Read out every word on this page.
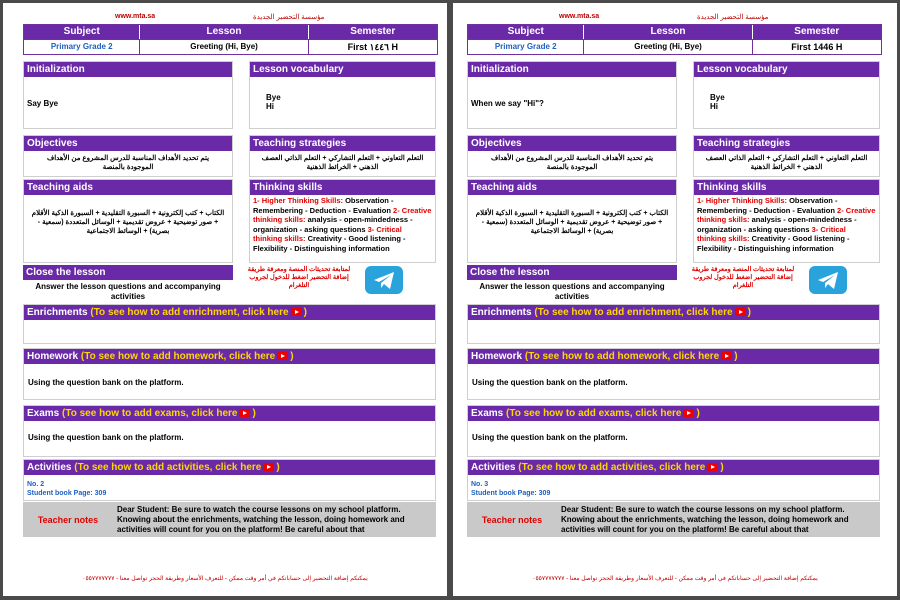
www.mta.sa	مؤسسة التحضير الجديدة
Subject	Lesson	Semester
Primary Grade 2	Greeting (Hi, Bye)	First ١٤٤٦ H
Initialization
Say Bye
Lesson vocabulary
Bye
Hi
Objectives
يتم تحديد الأهداف المناسبة للدرس المشروع من الأهداف الموجودة بالمنصة
Teaching strategies
التعلم التعاوني + التعلم التشاركي + التعلم الذاتي العصف الذهني + الخرائط الذهنية
Teaching aids
الكتاب + كتب إلكترونية + السبورة التقليدية + السبورة الذكية الأقلام + صور توضيحية + عروض تقديمية + الوسائل المتعددة (سمعية - بصرية) + الوسائط الاجتماعية
Thinking skills
1- Higher Thinking Skills: Observation - Remembering - Deduction - Evaluation 2- Creative thinking skills: analysis - open-mindedness - organization - asking questions 3- Critical thinking skills: Creativity - Good listening - Flexibility - Distinguishing information
Close the lesson
Answer the lesson questions and accompanying activities
لمتابعة تحديثات المنصة ومعرفة طريقة إضافة التحضير اضغط للدخول لجروب التلغرام
Enrichments (To see how to add enrichment, click here )
Homework (To see how to add homework, click here )
Using the question bank on the platform.
Exams (To see how to add exams, click here )
Using the question bank on the platform.
Activities (To see how to add activities, click here )
No. 2
Student book Page: 309
Teacher notes
Dear Student: Be sure to watch the course lessons on my school platform. Knowing about the enrichments, watching the lesson, doing homework and activities will count for you on the platform! Be careful about that
يمكنكم إضافة التحضير إلى حساباتكم في أمر وقت ممكن - للتعرف الأسعار وطريقة الحجز تواصل معنا - ٠٥٥٧٧٧٧٧٧٧
www.mta.sa	مؤسسة التحضير الجديدة
Subject	Lesson	Semester
Primary Grade 2	Greeting (Hi, Bye)	First 1446 H
Initialization
When we say "Hi"?
Lesson vocabulary
Bye
Hi
Objectives
يتم تحديد الأهداف المناسبة للدرس المشروع من الأهداف الموجودة بالمنصة
Teaching strategies
التعلم التعاوني + التعلم التشاركي + التعلم الذاتي العصف الذهني + الخرائط الذهنية
Teaching aids
الكتاب + كتب إلكترونية + السبورة التقليدية + السبورة الذكية الأقلام + صور توضيحية + عروض تقديمية + الوسائل المتعددة (سمعية - بصرية) + الوسائط الاجتماعية
Thinking skills
1- Higher Thinking Skills: Observation - Remembering - Deduction - Evaluation 2- Creative thinking skills: analysis - open-mindedness - organization - asking questions 3- Critical thinking skills: Creativity - Good listening - Flexibility - Distinguishing information
Close the lesson
Answer the lesson questions and accompanying activities
لمتابعة تحديثات المنصة ومعرفة طريقة إضافة التحضير اضغط للدخول لجروب التلغرام
Enrichments (To see how to add enrichment, click here )
Homework (To see how to add homework, click here )
Using the question bank on the platform.
Exams (To see how to add exams, click here )
Using the question bank on the platform.
Activities (To see how to add activities, click here )
No. 3
Student book Page: 309
Teacher notes
Dear Student: Be sure to watch the course lessons on my school platform. Knowing about the enrichments, watching the lesson, doing homework and activities will count for you on the platform! Be careful about that
يمكنكم إضافة التحضير إلى حساباتكم في أمر وقت ممكن - للتعرف الأسعار وطريقة الحجز تواصل معنا - ٠٥٥٧٧٧٧٧٧٧
